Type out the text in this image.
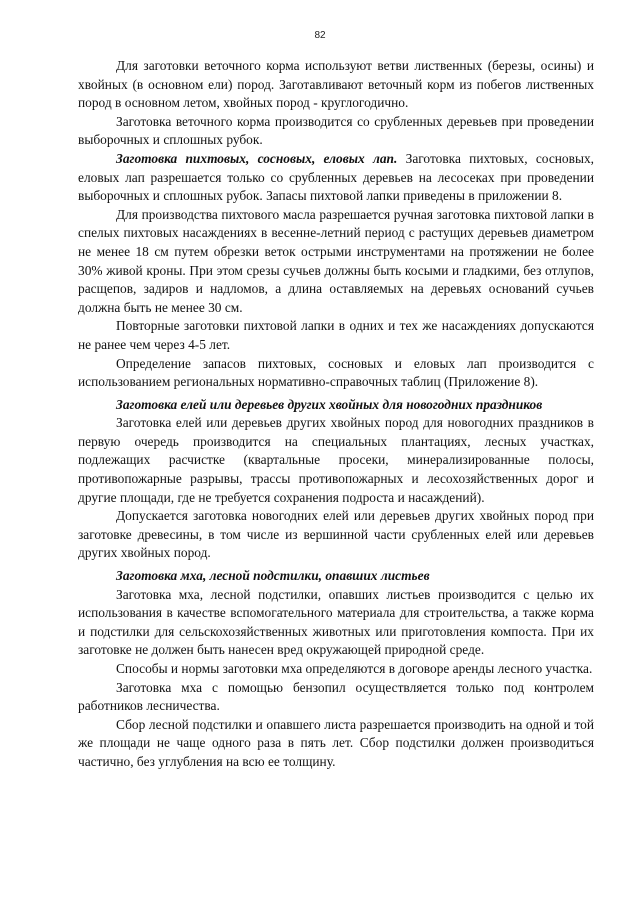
82

Для заготовки веточного корма используют ветви лиственных (березы, осины) и хвойных (в основном ели) пород. Заготавливают веточный корм из побегов лиственных пород в основном летом, хвойных пород - круглогодично.

Заготовка веточного корма производится со срубленных деревьев при проведении выборочных и сплошных рубок.

Заготовка пихтовых, сосновых, еловых лап. Заготовка пихтовых, сосновых, еловых лап разрешается только со срубленных деревьев на лесосеках при проведении выборочных и сплошных рубок. Запасы пихтовой лапки приведены в приложении 8.

Для производства пихтового масла разрешается ручная заготовка пихтовой лапки в спелых пихтовых насаждениях в весенне-летний период с растущих деревьев диаметром не менее 18 см путем обрезки веток острыми инструментами на протяжении не более 30% живой кроны. При этом срезы сучьев должны быть косыми и гладкими, без отлупов, расщепов, задиров и надломов, а длина оставляемых на деревьях оснований сучьев должна быть не менее 30 см.

Повторные заготовки пихтовой лапки в одних и тех же насаждениях допускаются не ранее чем через 4-5 лет.

Определение запасов пихтовых, сосновых и еловых лап производится с использованием региональных нормативно-справочных таблиц (Приложение 8).

Заготовка елей или деревьев других хвойных для новогодних праздников

Заготовка елей или деревьев других хвойных пород для новогодних праздников в первую очередь производится на специальных плантациях, лесных участках, подлежащих расчистке (квартальные просеки, минерализированные полосы, противопожарные разрывы, трассы противопожарных и лесохозяйственных дорог и другие площади, где не требуется сохранения подроста и насаждений).

Допускается заготовка новогодних елей или деревьев других хвойных пород при заготовке древесины, в том числе из вершинной части срубленных елей или деревьев других хвойных пород.

Заготовка мха, лесной подстилки, опавших листьев

Заготовка мха, лесной подстилки, опавших листьев производится с целью их использования в качестве вспомогательного материала для строительства, а также корма и подстилки для сельскохозяйственных животных или приготовления компоста. При их заготовке не должен быть нанесен вред окружающей природной среде.

Способы и нормы заготовки мха определяются в договоре аренды лесного участка.

Заготовка мха с помощью бензопил осуществляется только под контролем работников лесничества.

Сбор лесной подстилки и опавшего листа разрешается производить на одной и той же площади не чаще одного раза в пять лет. Сбор подстилки должен производиться частично, без углубления на всю ее толщину.
